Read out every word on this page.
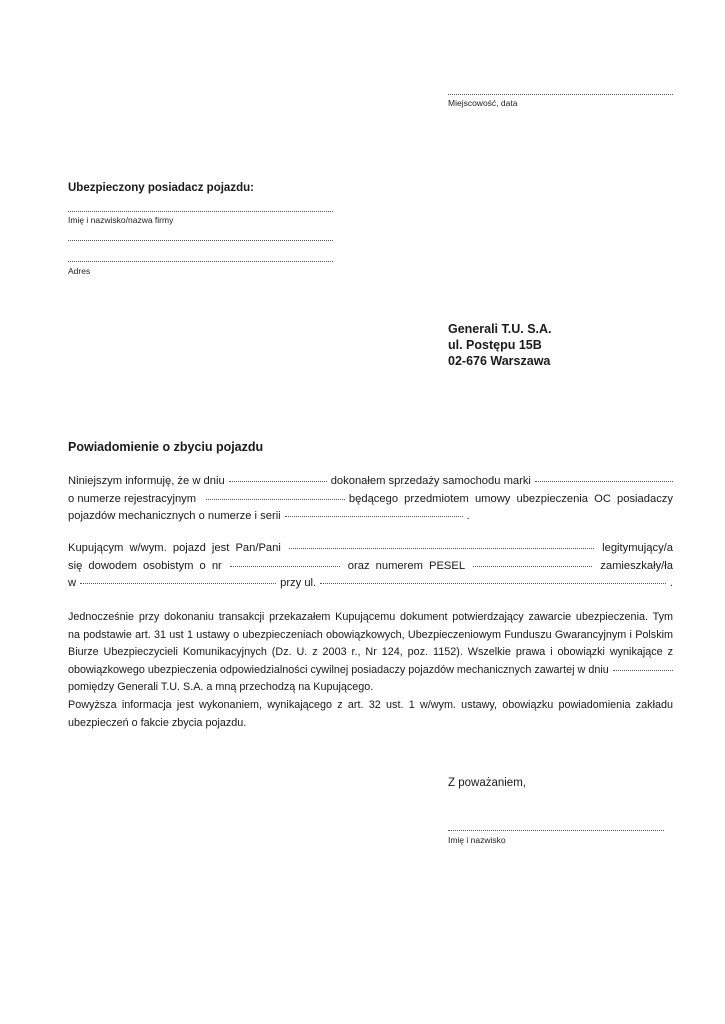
Miejscowość, data
Ubezpieczony posiadacz pojazdu:
Imię i nazwisko/nazwa firmy
Adres
Generali T.U. S.A.
ul. Postępu 15B
02-676 Warszawa
Powiadomienie o zbyciu pojazdu
Niniejszym informuję, że w dniu	dokonałem sprzedaży samochodu marki
o numerze rejestracyjnym	będącego przedmiotem umowy ubezpieczenia OC posiadaczy
pojazdów mechanicznych o numerze i serii	.
Kupującym w/wym. pojazd jest Pan/Pani	legitymujący/a
się dowodem osobistym o nr	oraz numerem PESEL	zamieszkały/ła
w	przy ul.	.
Jednocześnie przy dokonaniu transakcji przekazałem Kupującemu dokument potwierdzający zawarcie ubezpieczenia. Tym
na podstawie art. 31 ust 1 ustawy o ubezpieczeniach obowiązkowych, Ubezpieczeniowym Funduszu Gwarancyjnym i Polskim
Biurze Ubezpieczycieli Komunikacyjnych (Dz. U. z 2003 r., Nr 124, poz. 1152). Wszelkie prawa i obowiązki wynikające z
obowiązkowego ubezpieczenia odpowiedzialności cywilnej posiadaczy pojazdów mechanicznych zawartej w dniu
pomiędzy Generali T.U. S.A. a mną przechodzą na Kupującego.
Powyższa informacja jest wykonaniem, wynikającego z art. 32 ust. 1 w/wym. ustawy, obowiązku powiadomienia zakładu
ubezpieczeń o fakcie zbycia pojazdu.
Z poważaniem,
Imię i nazwisko
